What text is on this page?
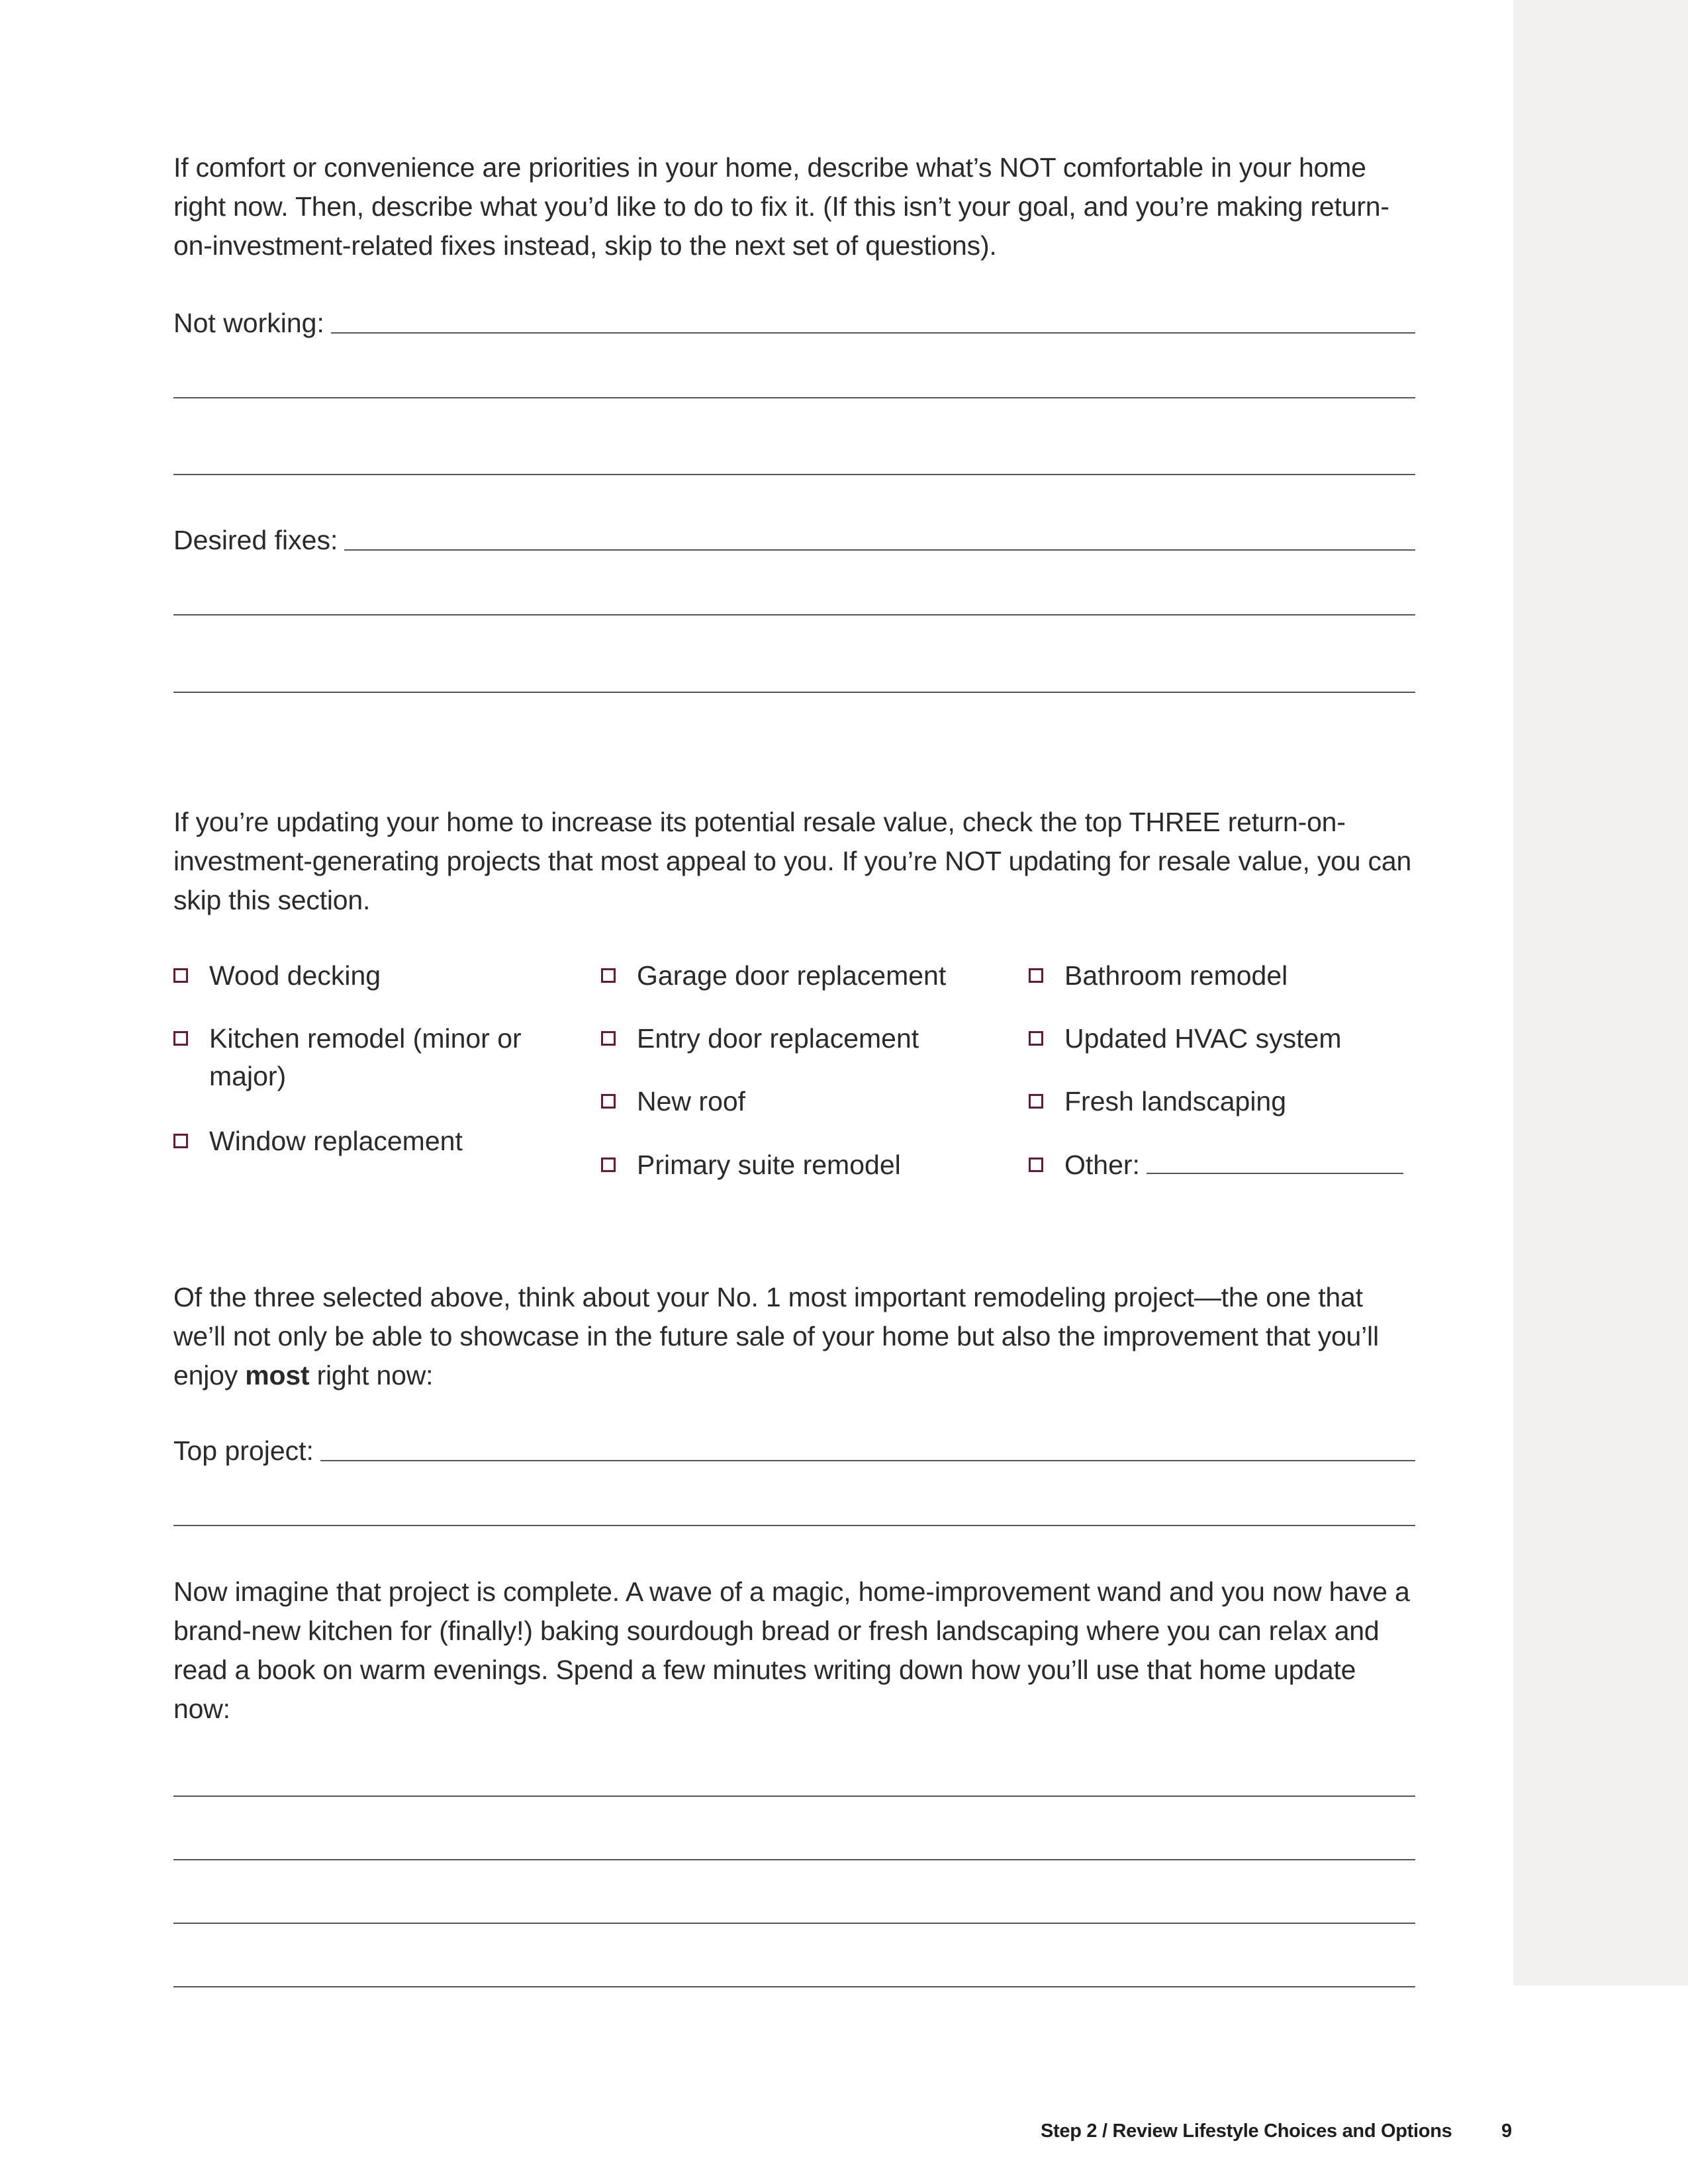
If comfort or convenience are priorities in your home, describe what’s NOT comfortable in your home right now. Then, describe what you’d like to do to fix it. (If this isn’t your goal, and you’re making return-on-investment-related fixes instead, skip to the next set of questions).

Not working:
Desired fixes:

If you’re updating your home to increase its potential resale value, check the top THREE return-on-investment-generating projects that most appeal to you. If you’re NOT updating for resale value, you can skip this section.

Wood decking
Kitchen remodel (minor or
major)
Window replacement
Garage door replacement
Entry door replacement
New roof
Primary suite remodel
Bathroom remodel
Updated HVAC system
Fresh landscaping
Other:

Of the three selected above, think about your No. 1 most important remodeling project—the one that we’ll not only be able to showcase in the future sale of your home but also the improvement that you’ll enjoy most right now:

Top project:

Now imagine that project is complete. A wave of a magic, home-improvement wand and you now have a brand-new kitchen for (finally!) baking sourdough bread or fresh landscaping where you can relax and read a book on warm evenings. Spend a few minutes writing down how you’ll use that home update now:

Step 2 / Review Lifestyle Choices and Options	9
